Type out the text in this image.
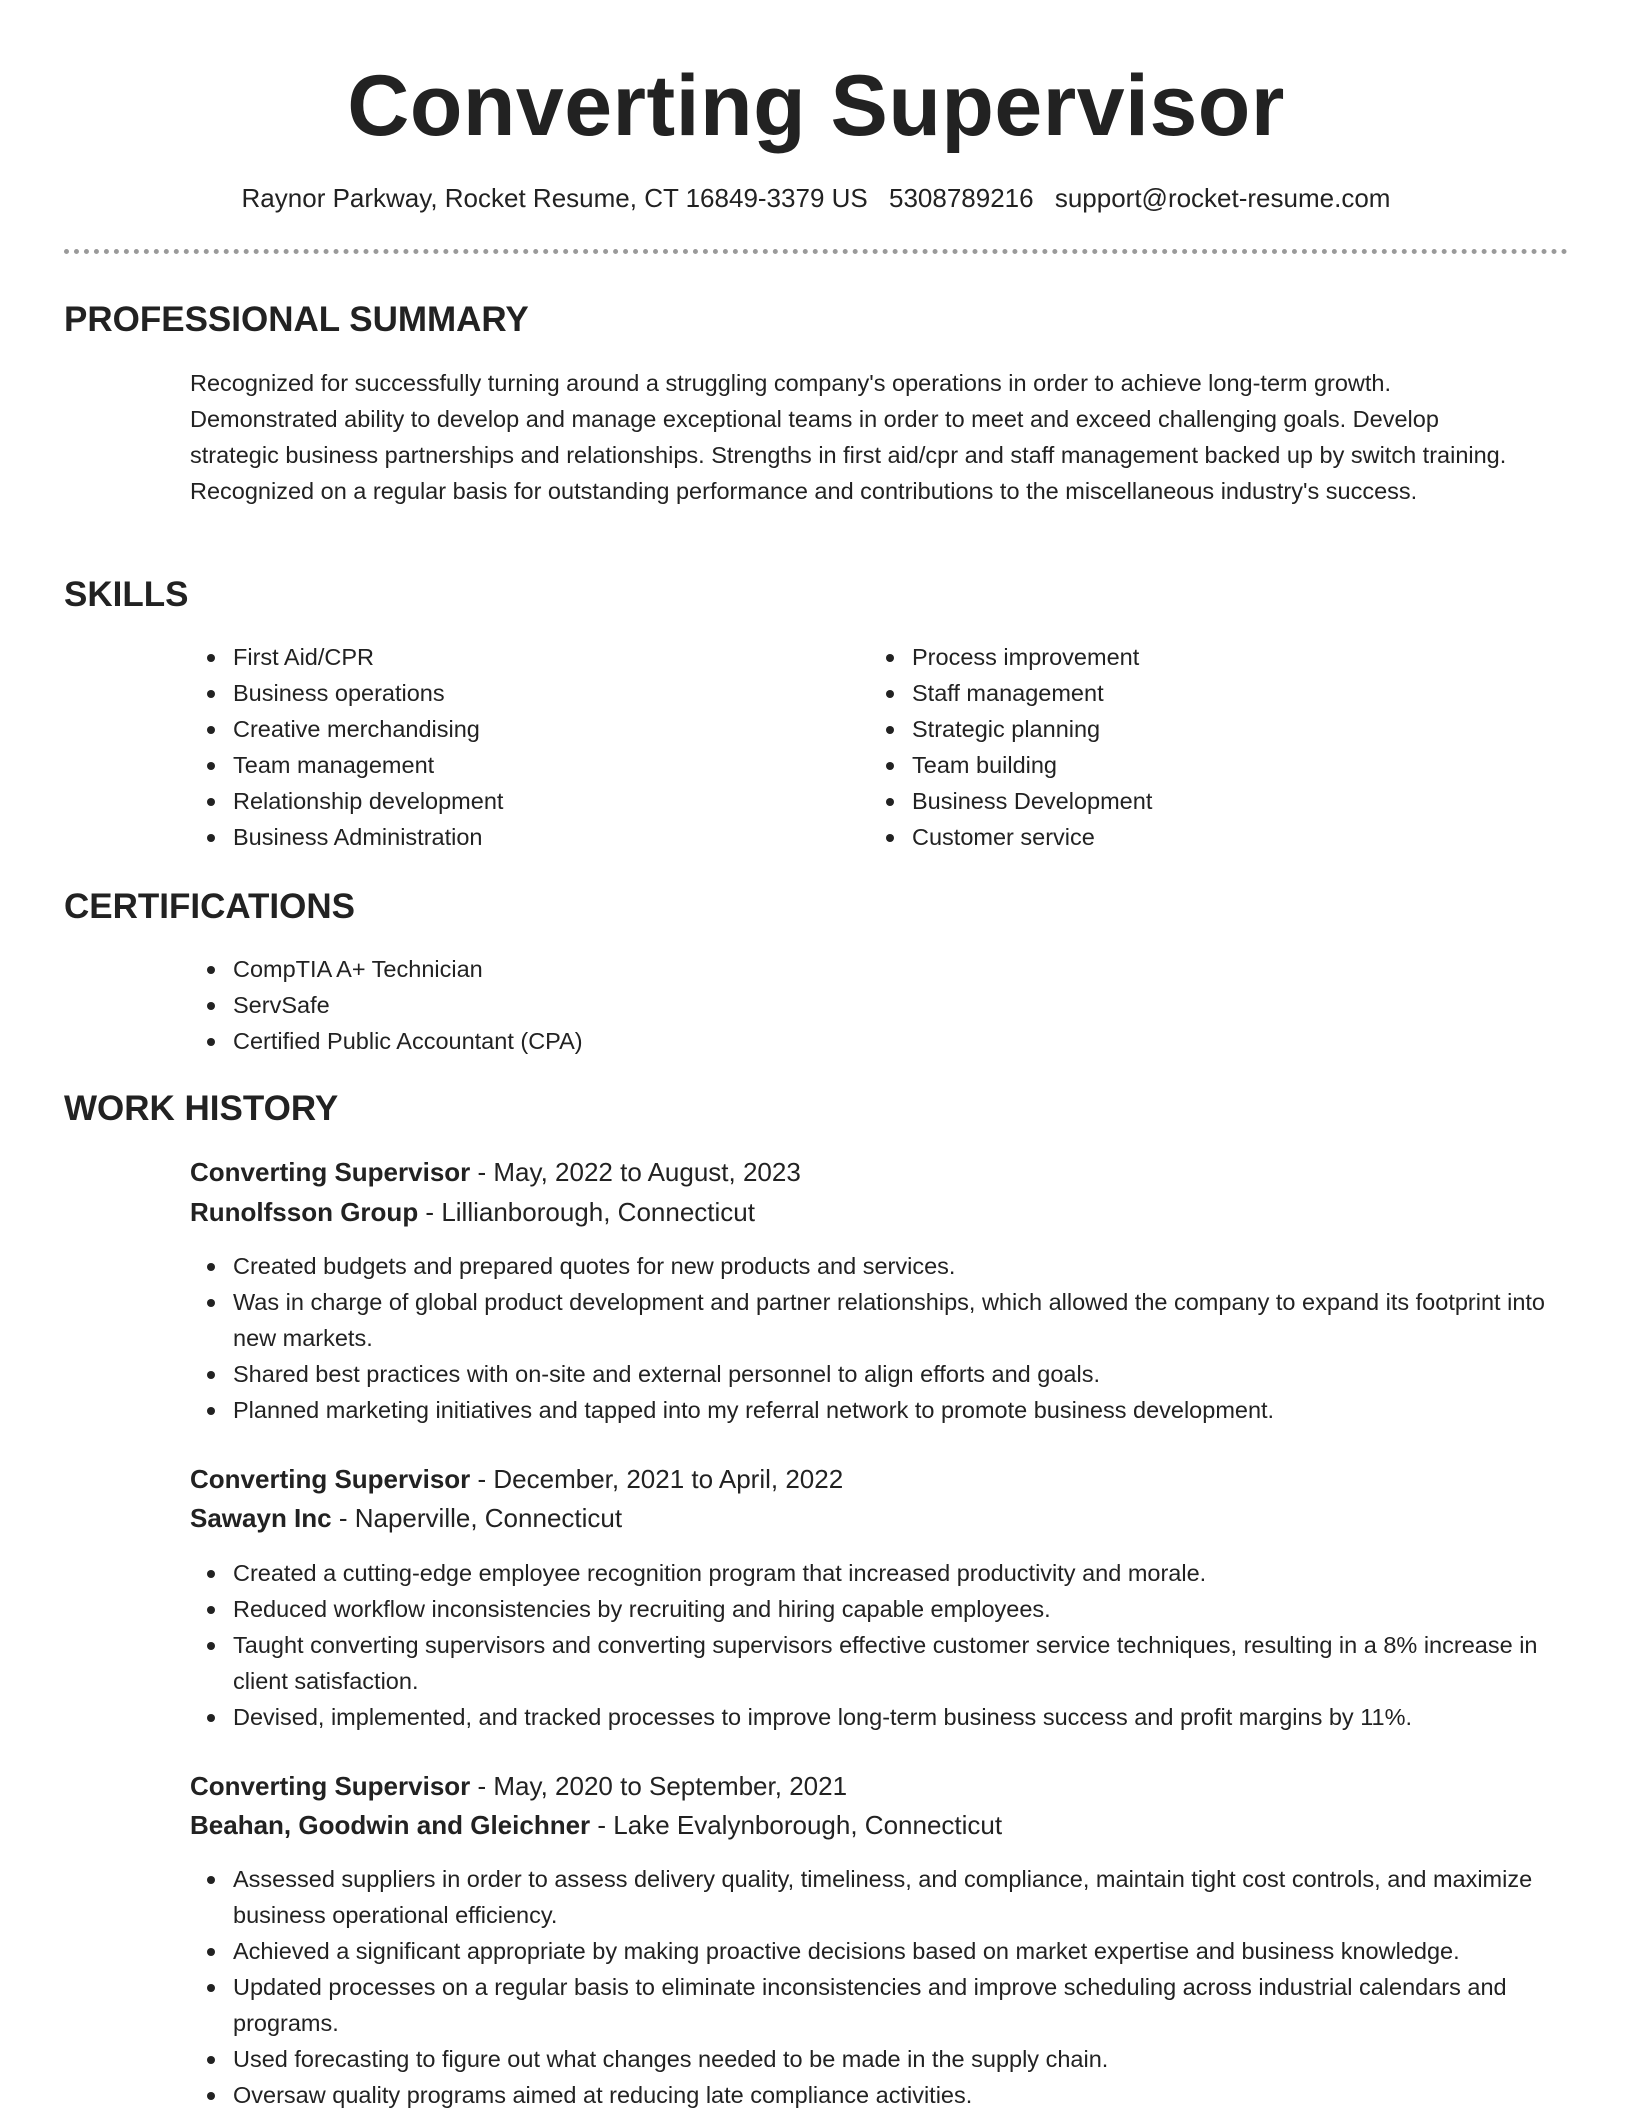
Converting Supervisor
Raynor Parkway, Rocket Resume, CT 16849-3379 US 5308789216 support@rocket-resume.com
PROFESSIONAL SUMMARY

Recognized for successfully turning around a struggling company's operations in order to achieve long-term growth. Demonstrated ability to develop and manage exceptional teams in order to meet and exceed challenging goals. Develop strategic business partnerships and relationships. Strengths in first aid/cpr and staff management backed up by switch training. Recognized on a regular basis for outstanding performance and contributions to the miscellaneous industry's success.

SKILLS
First Aid/CPR
Business operations
Creative merchandising
Team management
Relationship development
Business Administration
Process improvement
Staff management
Strategic planning
Team building
Business Development
Customer service
CERTIFICATIONS
CompTIA A+ Technician
ServSafe
Certified Public Accountant (CPA)
WORK HISTORY
Converting Supervisor - May, 2022 to August, 2023
Runolfsson Group - Lillianborough, Connecticut
Created budgets and prepared quotes for new products and services.
Was in charge of global product development and partner relationships, which allowed the company to expand its footprint into new markets.
Shared best practices with on-site and external personnel to align efforts and goals.
Planned marketing initiatives and tapped into my referral network to promote business development.
Converting Supervisor - December, 2021 to April, 2022
Sawayn Inc - Naperville, Connecticut
Created a cutting-edge employee recognition program that increased productivity and morale.
Reduced workflow inconsistencies by recruiting and hiring capable employees.
Taught converting supervisors and converting supervisors effective customer service techniques, resulting in a 8% increase in client satisfaction.
Devised, implemented, and tracked processes to improve long-term business success and profit margins by 11%.
Converting Supervisor - May, 2020 to September, 2021
Beahan, Goodwin and Gleichner - Lake Evalynborough, Connecticut
Assessed suppliers in order to assess delivery quality, timeliness, and compliance, maintain tight cost controls, and maximize business operational efficiency.
Achieved a significant appropriate by making proactive decisions based on market expertise and business knowledge.
Updated processes on a regular basis to eliminate inconsistencies and improve scheduling across industrial calendars and programs.
Used forecasting to figure out what changes needed to be made in the supply chain.
Oversaw quality programs aimed at reducing late compliance activities.
